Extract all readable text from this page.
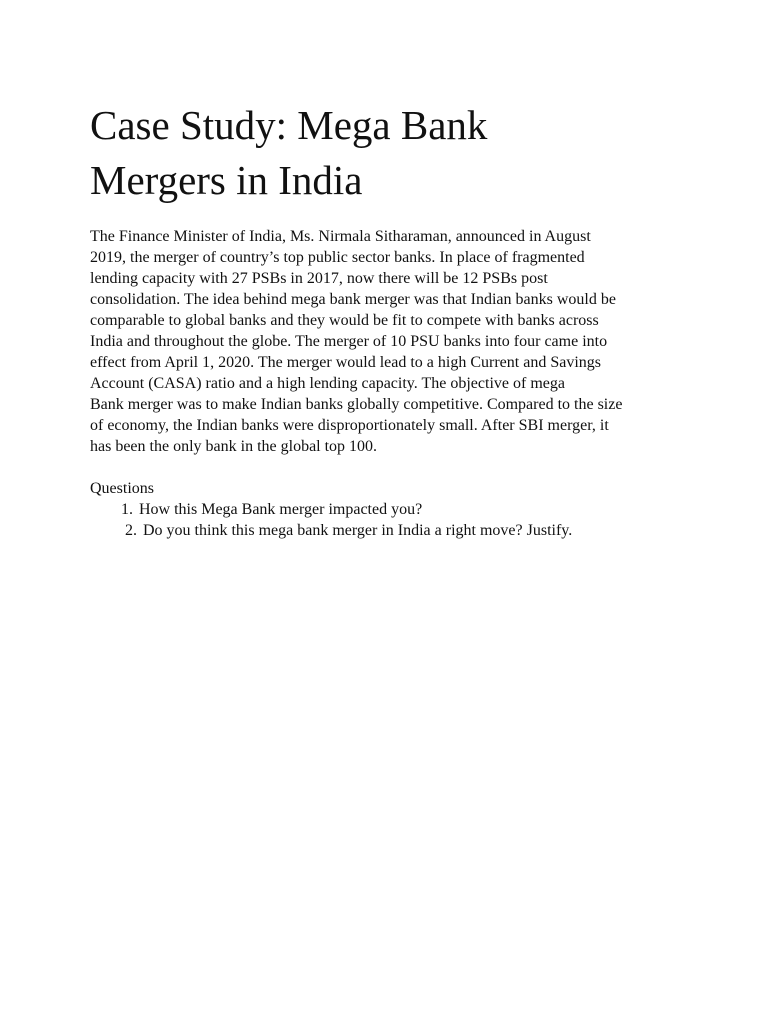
Case Study: Mega Bank
Mergers in India
The Finance Minister of India, Ms. Nirmala Sitharaman, announced in August
2019, the merger of country’s top public sector banks. In place of fragmented
lending capacity with 27 PSBs in 2017, now there will be 12 PSBs post
consolidation. The idea behind mega bank merger was that Indian banks would be
comparable to global banks and they would be fit to compete with banks across
India and throughout the globe. The merger of 10 PSU banks into four came into
effect from April 1, 2020. The merger would lead to a high Current and Savings
Account (CASA) ratio and a high lending capacity. The objective of mega
Bank merger was to make Indian banks globally competitive. Compared to the size
of economy, the Indian banks were disproportionately small. After SBI merger, it
has been the only bank in the global top 100.
Questions
1. How this Mega Bank merger impacted you?
2. Do you think this mega bank merger in India a right move? Justify.
